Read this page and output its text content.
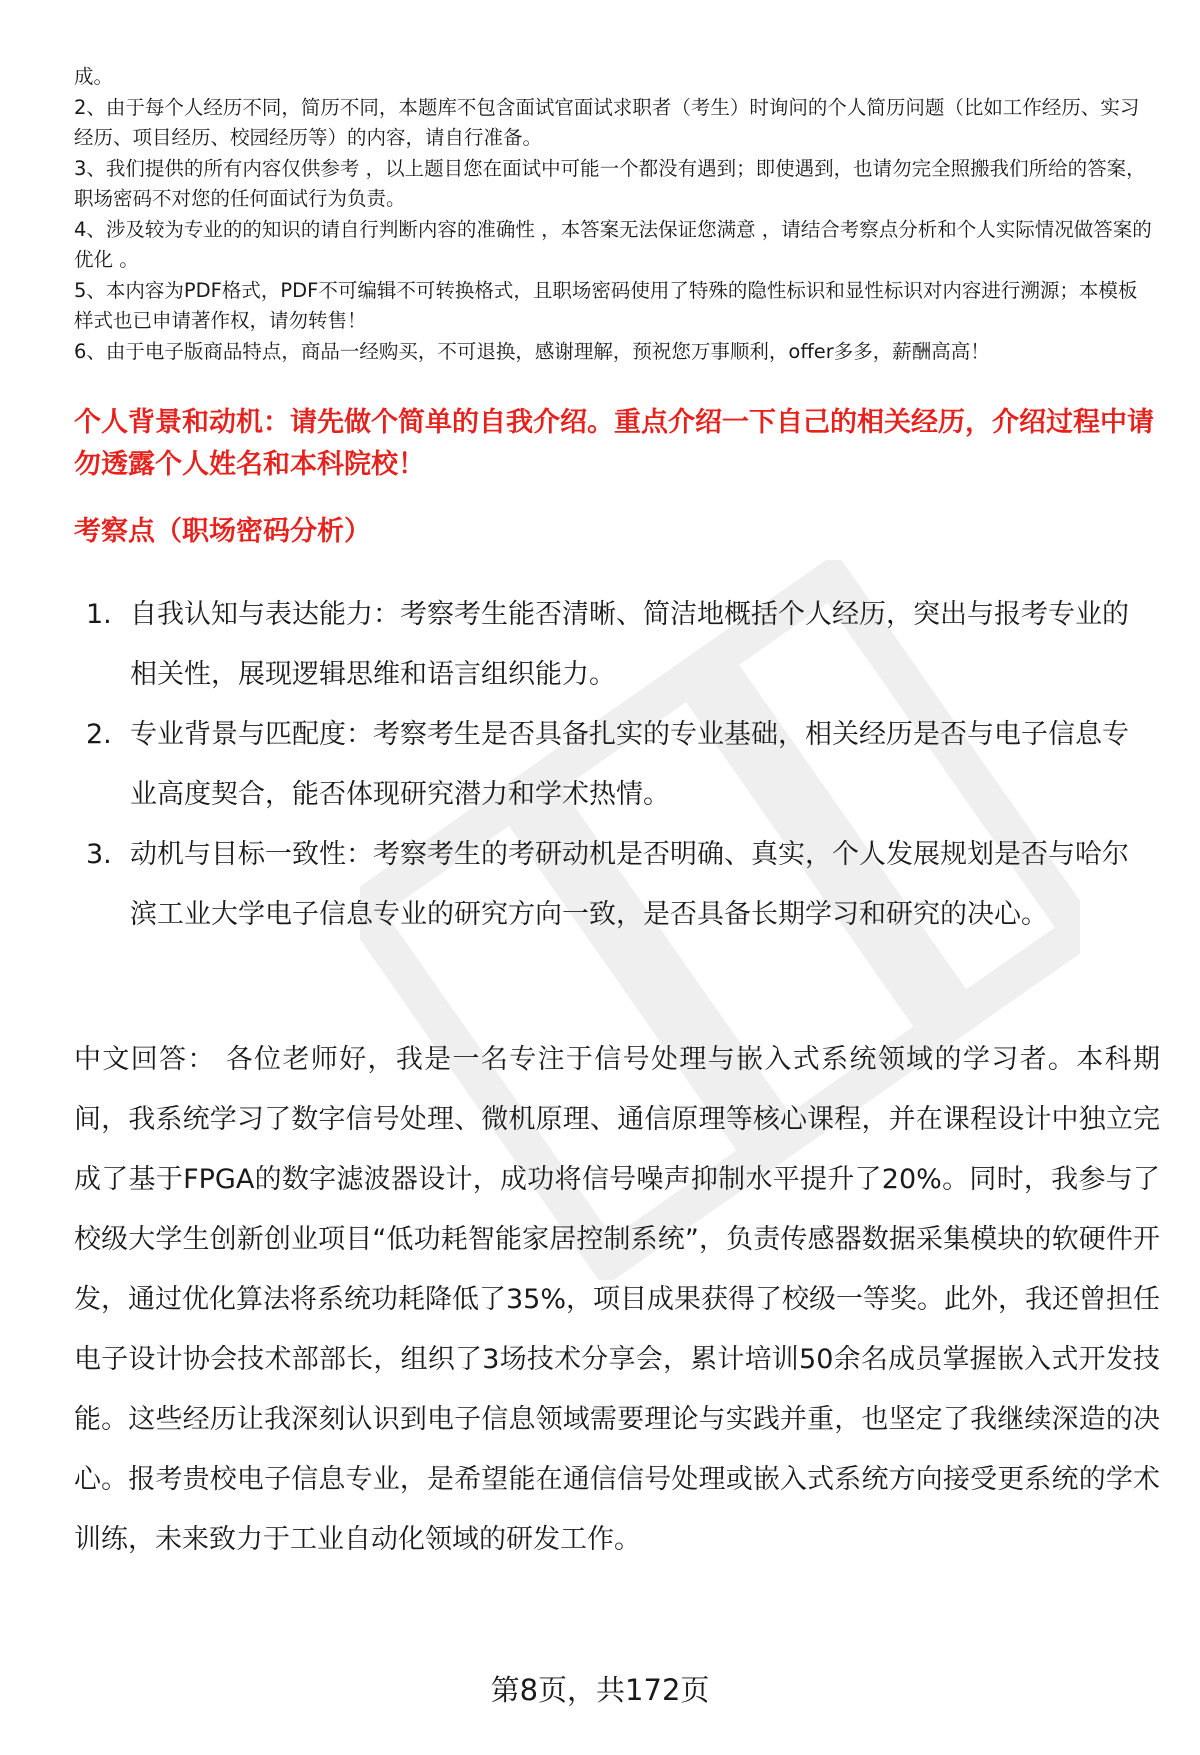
成。

2、由于每个人经历不同，简历不同，本题库不包含面试官面试求职者（考生）时询问的个人简历问题（比如工作经历、实习经历、项目经历、校园经历等）的内容，请自行准备。

3、我们提供的所有内容仅供参考 ，以上题目您在面试中可能一个都没有遇到；即使遇到，也请勿完全照搬我们所给的答案，职场密码不对您的任何面试行为负责。

4、涉及较为专业的的知识的请自行判断内容的准确性 ，本答案无法保证您满意 ，请结合考察点分析和个人实际情况做答案的优化 。

5、本内容为PDF格式，PDF不可编辑不可转换格式，且职场密码使用了特殊的隐性标识和显性标识对内容进行溯源；本模板样式也已申请著作权，请勿转售！

6、由于电子版商品特点，商品一经购买，不可退换，感谢理解，预祝您万事顺利，offer多多，薪酬高高！

个人背景和动机：请先做个简单的自我介绍。重点介绍一下自己的相关经历，介绍过程中请勿透露个人姓名和本科院校！
考察点（职场密码分析）
1. 自我认知与表达能力：考察考生能否清晰、简洁地概括个人经历，突出与报考专业的相关性，展现逻辑思维和语言组织能力。
2. 专业背景与匹配度：考察考生是否具备扎实的专业基础，相关经历是否与电子信息专业高度契合，能否体现研究潜力和学术热情。
3. 动机与目标一致性：考察考生的考研动机是否明确、真实，个人发展规划是否与哈尔滨工业大学电子信息专业的研究方向一致，是否具备长期学习和研究的决心。

中文回答： 各位老师好，我是一名专注于信号处理与嵌入式系统领域的学习者。本科期间，我系统学习了数字信号处理、微机原理、通信原理等核心课程，并在课程设计中独立完成了基于FPGA的数字滤波器设计，成功将信号噪声抑制水平提升了20%。同时，我参与了校级大学生创新创业项目“低功耗智能家居控制系统”，负责传感器数据采集模块的软硬件开发，通过优化算法将系统功耗降低了35%，项目成果获得了校级一等奖。此外，我还曾担任电子设计协会技术部部长，组织了3场技术分享会，累计培训50余名成员掌握嵌入式开发技能。这些经历让我深刻认识到电子信息领域需要理论与实践并重，也坚定了我继续深造的决心。报考贵校电子信息专业，是希望能在通信信号处理或嵌入式系统方向接受更系统的学术训练，未来致力于工业自动化领域的研发工作。

第8页，共172页
